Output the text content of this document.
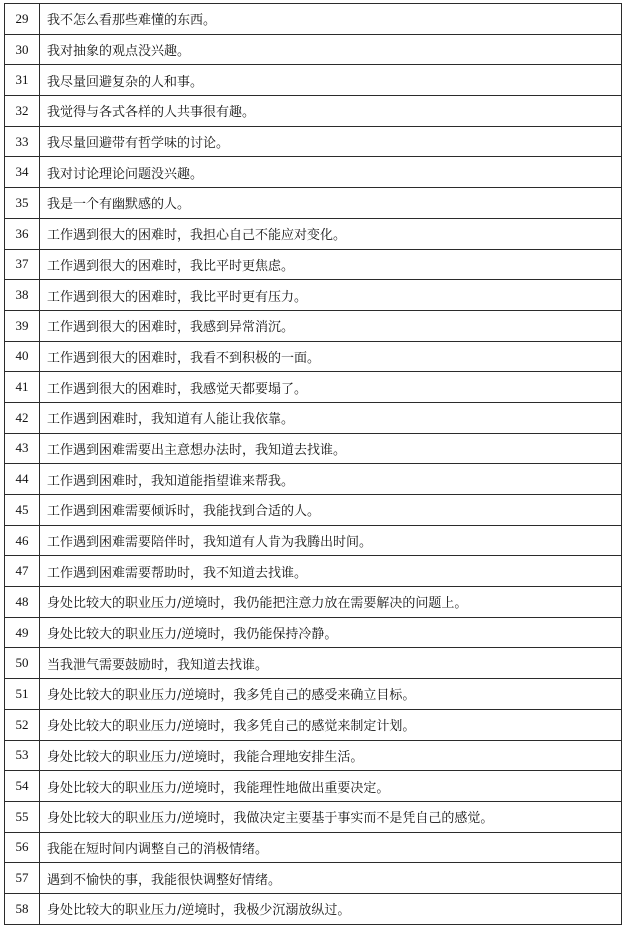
29	我不怎么看那些难懂的东西。
30	我对抽象的观点没兴趣。
31	我尽量回避复杂的人和事。
32	我觉得与各式各样的人共事很有趣。
33	我尽量回避带有哲学味的讨论。
34	我对讨论理论问题没兴趣。
35	我是一个有幽默感的人。
36	工作遇到很大的困难时，我担心自己不能应对变化。
37	工作遇到很大的困难时，我比平时更焦虑。
38	工作遇到很大的困难时，我比平时更有压力。
39	工作遇到很大的困难时，我感到异常消沉。
40	工作遇到很大的困难时，我看不到积极的一面。
41	工作遇到很大的困难时，我感觉天都要塌了。
42	工作遇到困难时，我知道有人能让我依靠。
43	工作遇到困难需要出主意想办法时，我知道去找谁。
44	工作遇到困难时，我知道能指望谁来帮我。
45	工作遇到困难需要倾诉时，我能找到合适的人。
46	工作遇到困难需要陪伴时，我知道有人肯为我腾出时间。
47	工作遇到困难需要帮助时，我不知道去找谁。
48	身处比较大的职业压力/逆境时，我仍能把注意力放在需要解决的问题上。
49	身处比较大的职业压力/逆境时，我仍能保持冷静。
50	当我泄气需要鼓励时，我知道去找谁。
51	身处比较大的职业压力/逆境时，我多凭自己的感受来确立目标。
52	身处比较大的职业压力/逆境时，我多凭自己的感觉来制定计划。
53	身处比较大的职业压力/逆境时，我能合理地安排生活。
54	身处比较大的职业压力/逆境时，我能理性地做出重要决定。
55	身处比较大的职业压力/逆境时，我做决定主要基于事实而不是凭自己的感觉。
56	我能在短时间内调整自己的消极情绪。
57	遇到不愉快的事，我能很快调整好情绪。
58	身处比较大的职业压力/逆境时，我极少沉溺放纵过。
